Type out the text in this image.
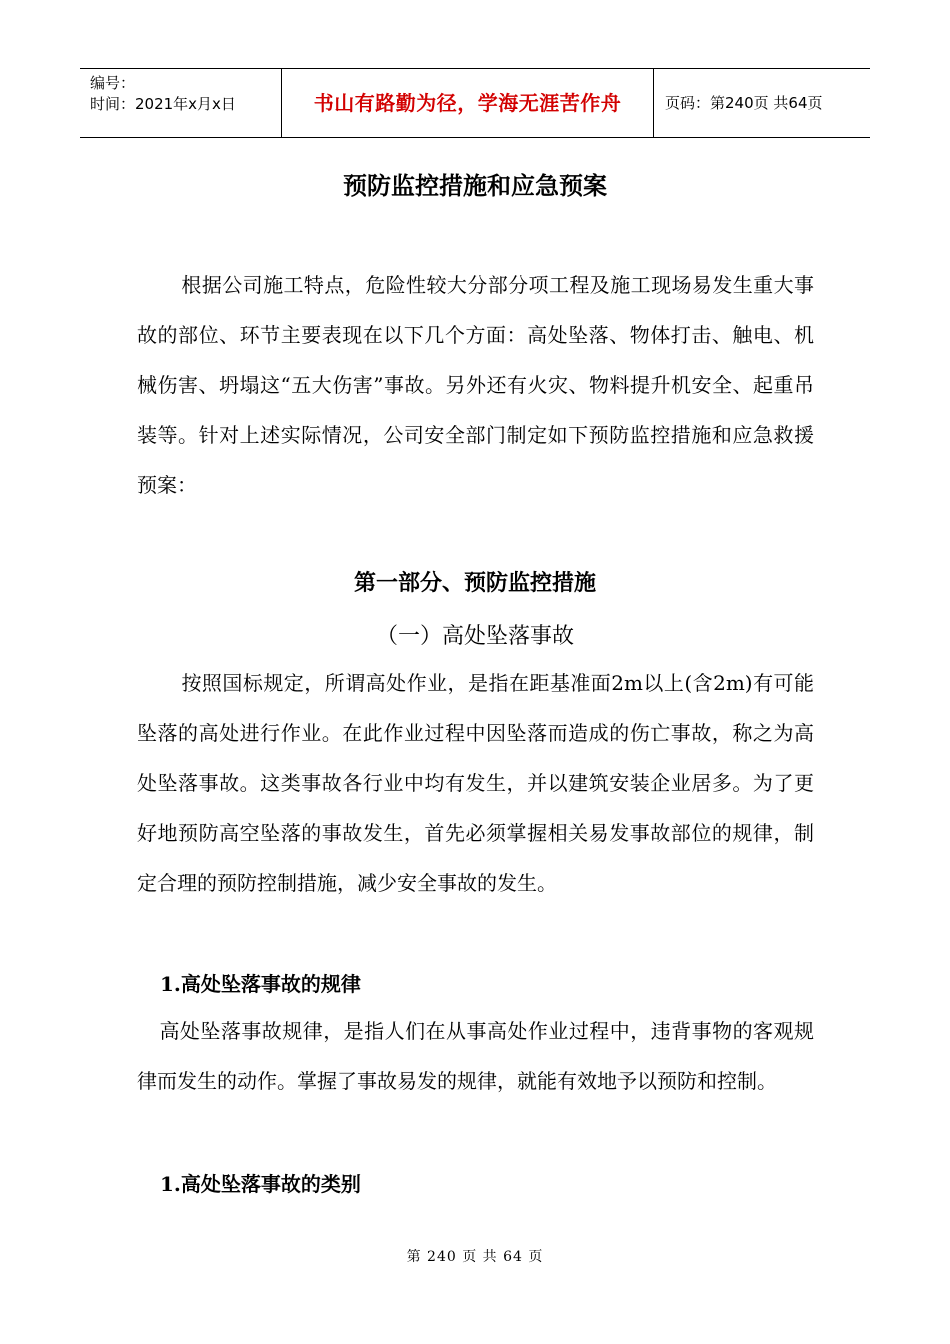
编号：
时间：2021年x月x日	书山有路勤为径，学海无涯苦作舟	页码：第240页 共64页
预防监控措施和应急预案

根据公司施工特点，危险性较大分部分项工程及施工现场易发生重大事故的部位、环节主要表现在以下几个方面：高处坠落、物体打击、触电、机械伤害、坍塌这“五大伤害”事故。另外还有火灾、物料提升机安全、起重吊装等。针对上述实际情况，公司安全部门制定如下预防监控措施和应急救援预案：

第一部分、预防监控措施
（一）高处坠落事故

按照国标规定，所谓高处作业，是指在距基准面2m以上(含2m)有可能坠落的高处进行作业。在此作业过程中因坠落而造成的伤亡事故，称之为高处坠落事故。这类事故各行业中均有发生，并以建筑安装企业居多。为了更好地预防高空坠落的事故发生，首先必须掌握相关易发事故部位的规律，制定合理的预防控制措施，减少安全事故的发生。

1.高处坠落事故的规律

高处坠落事故规律，是指人们在从事高处作业过程中，违背事物的客观规律而发生的动作。掌握了事故易发的规律，就能有效地予以预防和控制。

1.高处坠落事故的类别
第 240 页 共 64 页
